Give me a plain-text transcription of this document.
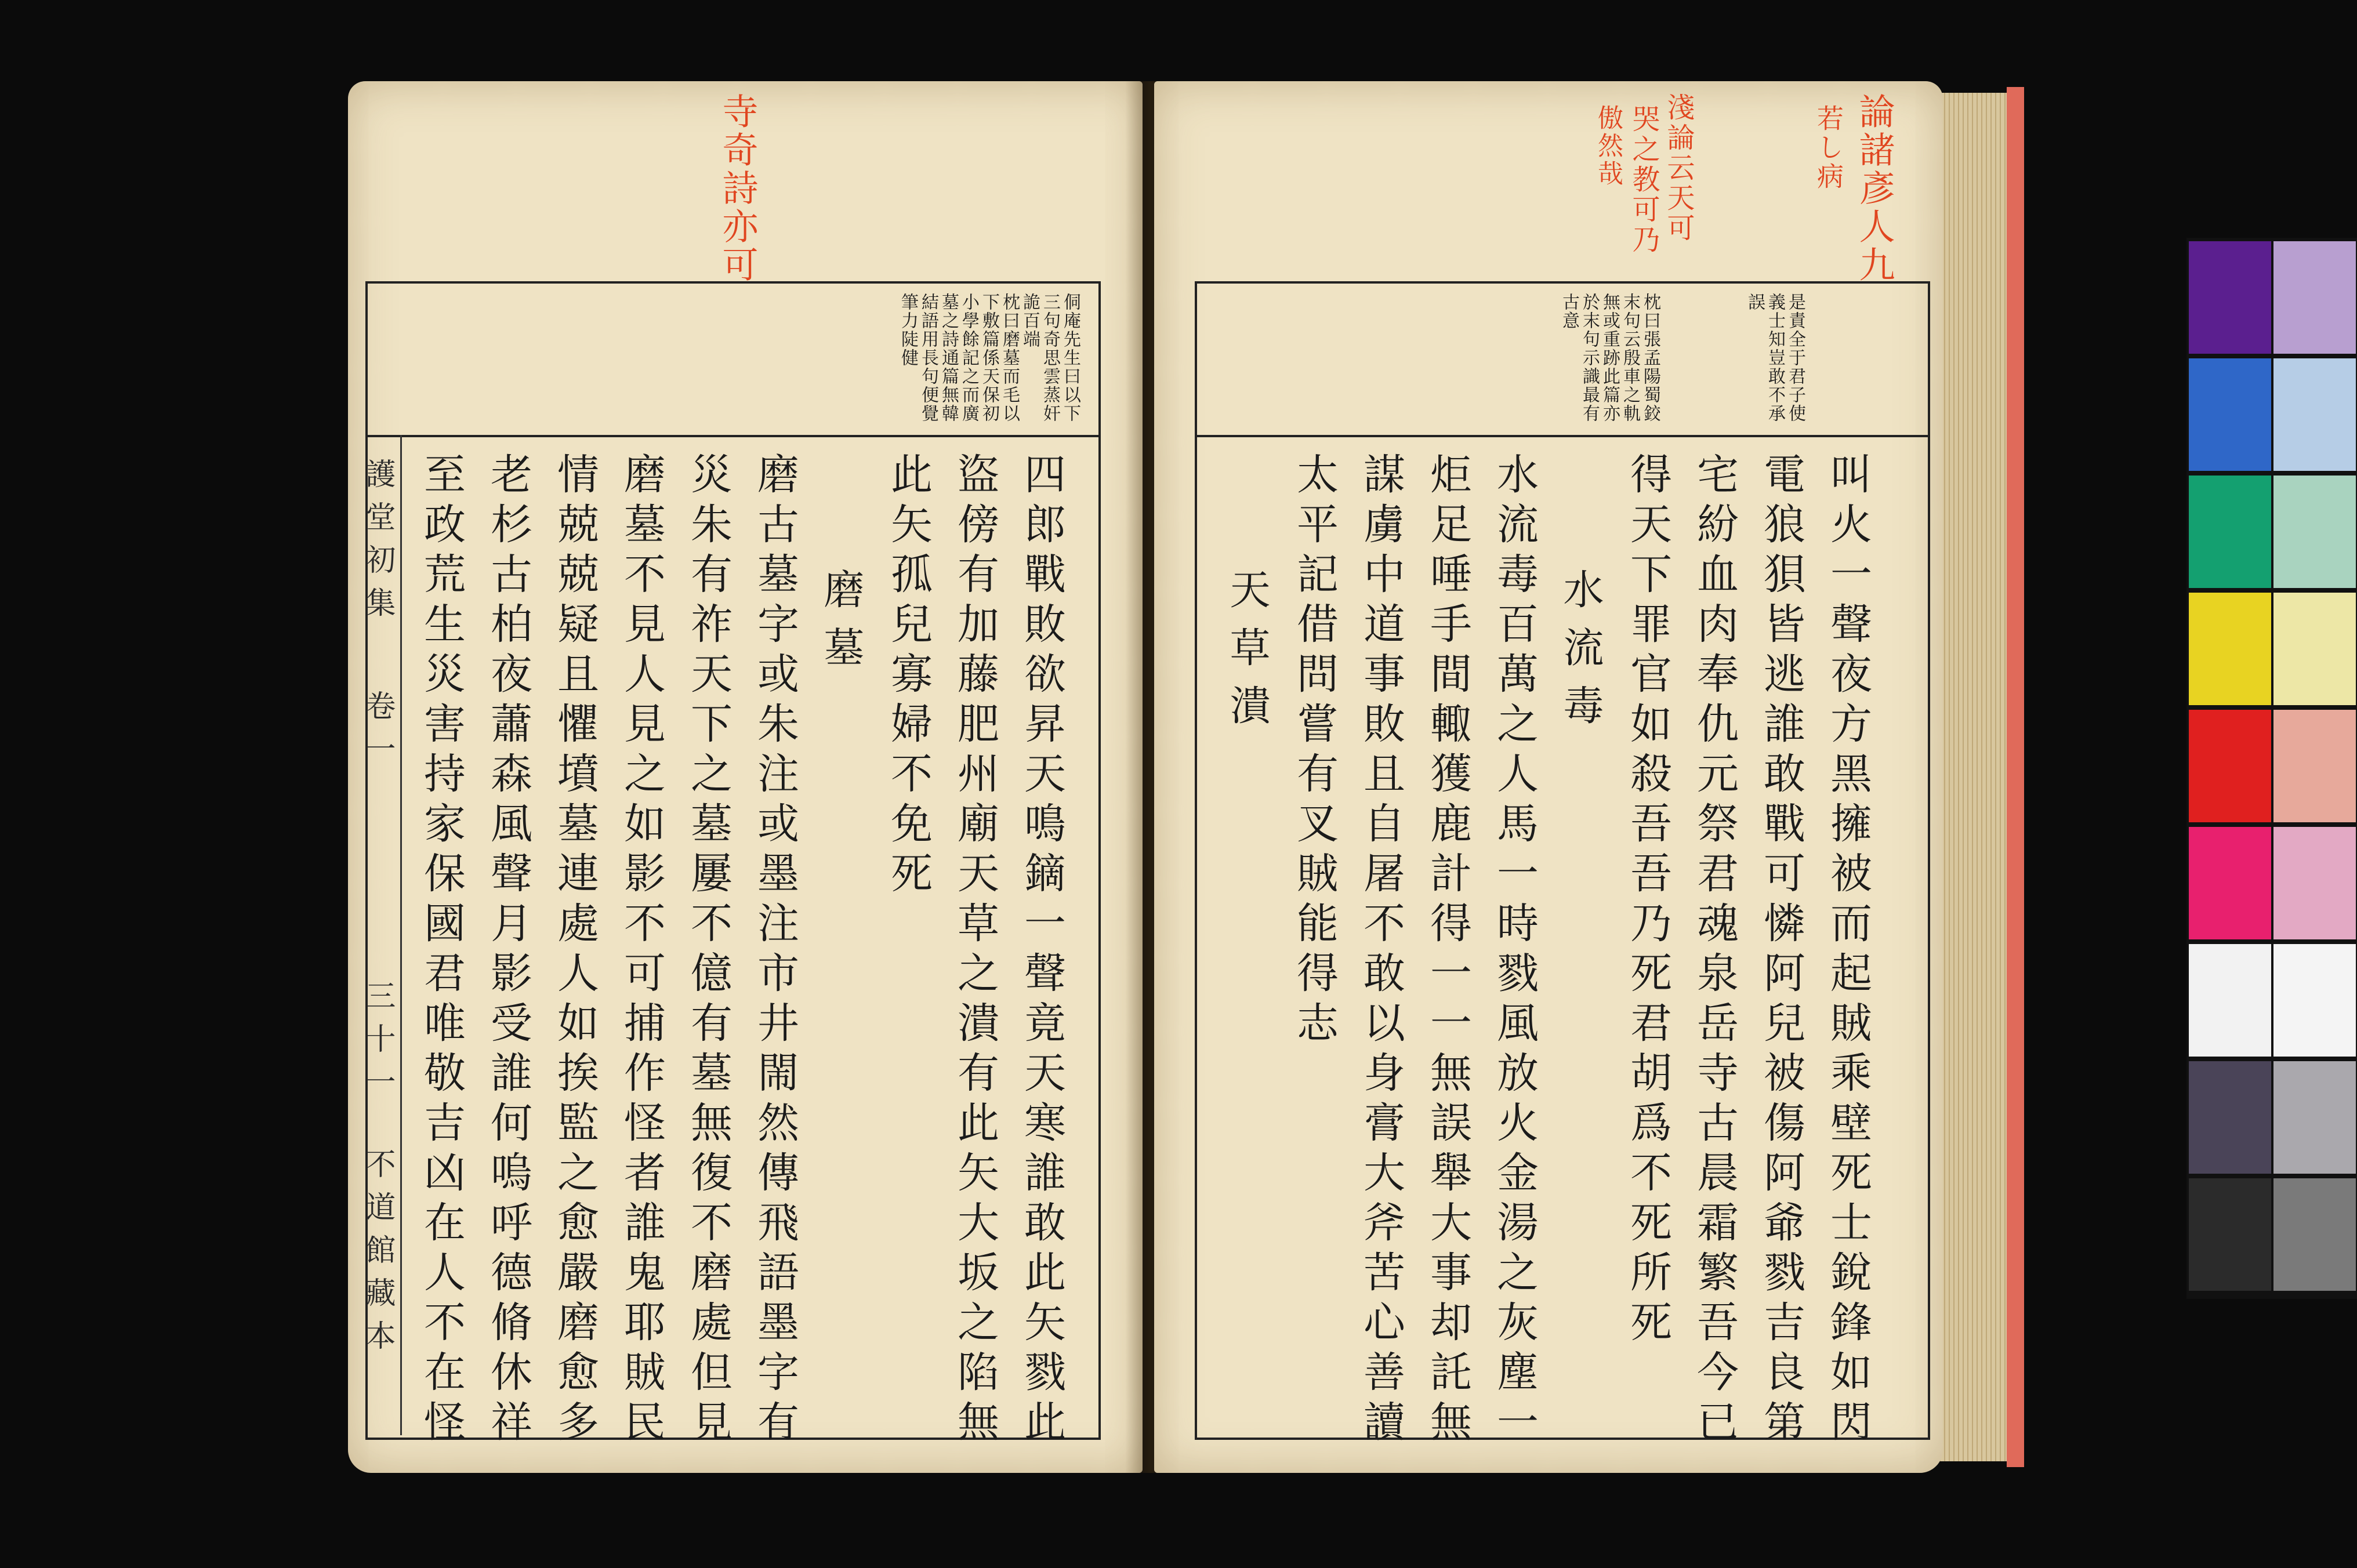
寺奇詩亦可
侗庵先生曰以下
三句奇思雲蒸奸
詭百端
枕曰磨墓而毛以
下敷篇係天保初
小學餘記之而廣
墓之詩通篇無韓
結語用長句便覺
筆力陡健
護堂初集
卷一
三十一
不道館藏本	四郎戰敗欲昇天鳴鏑一聲竟天寒誰敢此矢戮此
盜傍有加藤肥州廟天草之潰有此矢大坂之陷無
此矢孤兒寡婦不免死
磨墓
磨古墓字或朱注或墨注市井閙然傳飛語墨字有
災朱有祚天下之墓屢不億有墓無復不磨處但見
磨墓不見人見之如影不可捕作怪者誰鬼耶賊民
情兢兢疑且懼墳墓連處人如挨監之愈嚴磨愈多
老杉古柏夜蕭森風聲月影受誰何嗚呼德脩休祥
至政荒生災害持家保國君唯敬吉凶在人不在怪
論諸彥人九
若し病
淺論云天可
哭之教可乃
傲然哉
是責全于君子使
義士知豈敢不承
誤
枕曰張孟陽蜀鉸
末句云殷車之軌
無或重跡此篇亦
於末句示識最有
古意
叫火一聲夜方黑擁被而起賊乘壁死士銳鋒如閃
電狼狽皆逃誰敢戰可憐阿兒被傷阿爺戮吉良第
宅紛血肉奉仇元祭君魂泉岳寺古晨霜繁吾今已
得天下罪官如殺吾吾乃死君胡爲不死所死
水流毒
水流毒百萬之人馬一時戮風放火金湯之灰塵一
炬足唾手間輙獲鹿計得一一無誤舉大事却託無
謀虜中道事敗且自屠不敢以身膏大斧苦心善讀
太平記借問嘗有叉賊能得志
天草潰
